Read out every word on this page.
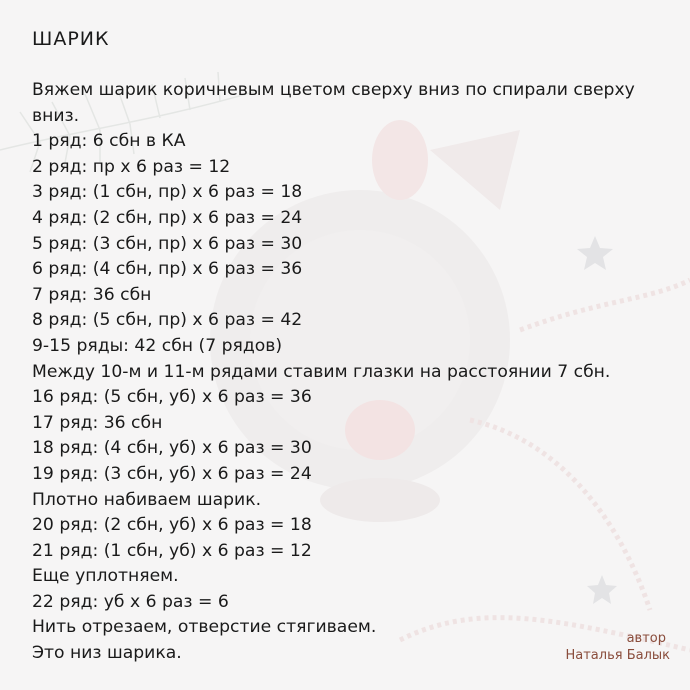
ШАРИК
Вяжем шарик коричневым цветом сверху вниз по спирали сверху вниз.
1 ряд: 6 сбн в КА
2 ряд: пр х 6 раз = 12
3 ряд: (1 сбн, пр) х 6 раз = 18
4 ряд: (2 сбн, пр) х 6 раз = 24
5 ряд: (3 сбн, пр) х 6 раз = 30
6 ряд: (4 сбн, пр) х 6 раз = 36
7 ряд: 36 сбн
8 ряд: (5 сбн, пр) х 6 раз = 42
9-15 ряды: 42 сбн (7 рядов)
Между 10-м и 11-м рядами ставим глазки на расстоянии 7 сбн.
16 ряд: (5 сбн, уб) х 6 раз = 36
17 ряд: 36 сбн
18 ряд: (4 сбн, уб) х 6 раз = 30
19 ряд: (3 сбн, уб) х 6 раз = 24
Плотно набиваем шарик.
20 ряд: (2 сбн, уб) х 6 раз = 18
21 ряд: (1 сбн, уб) х 6 раз = 12
Еще уплотняем.
22 ряд: уб х 6 раз = 6
Нить отрезаем, отверстие стягиваем.
Это низ шарика.
автор
Наталья Балык
